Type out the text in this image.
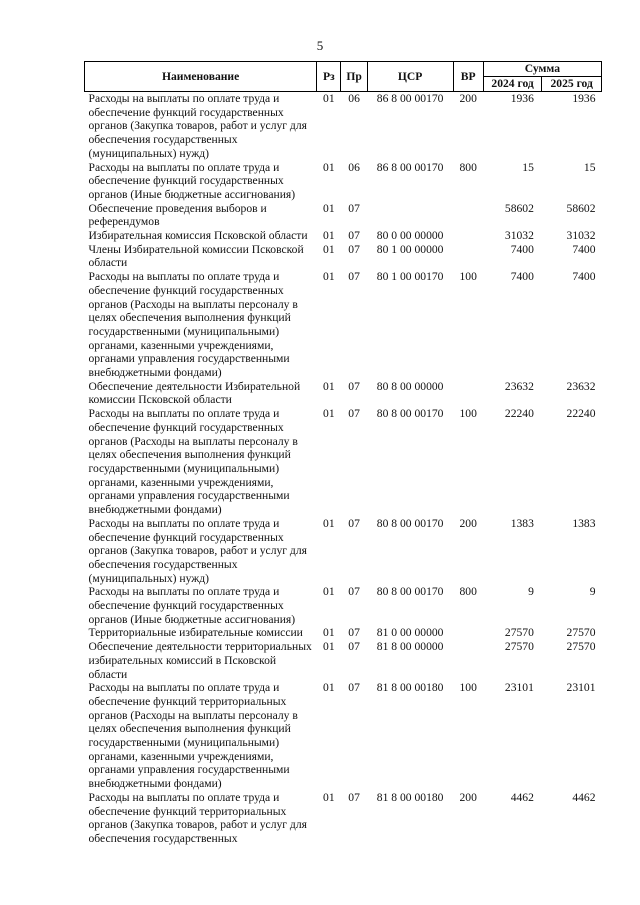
5
Наименование	Рз	Пр	ЦСР	ВР	Сумма	
					2024 год	2025 год
Расходы на выплаты по оплате труда и обеспечение функций государственных органов (Закупка товаров, работ и услуг для обеспечения государственных (муниципальных) нужд)	01	06	86 8 00 00170	200	1936	1936
Расходы на выплаты по оплате труда и обеспечение функций государственных органов (Иные бюджетные ассигнования)	01	06	86 8 00 00170	800	15	15
Обеспечение проведения выборов и референдумов	01	07			58602	58602
Избирательная комиссия Псковской области	01	07	80 0 00 00000		31032	31032
Члены Избирательной комиссии Псковской области	01	07	80 1 00 00000		7400	7400
Расходы на выплаты по оплате труда и обеспечение функций государственных органов (Расходы на выплаты персоналу в целях обеспечения выполнения функций государственными (муниципальными) органами, казенными учреждениями, органами управления государственными внебюджетными фондами)	01	07	80 1 00 00170	100	7400	7400
Обеспечение деятельности Избирательной комиссии Псковской области	01	07	80 8 00 00000		23632	23632
Расходы на выплаты по оплате труда и обеспечение функций государственных органов (Расходы на выплаты персоналу в целях обеспечения выполнения функций государственными (муниципальными) органами, казенными учреждениями, органами управления государственными внебюджетными фондами)	01	07	80 8 00 00170	100	22240	22240
Расходы на выплаты по оплате труда и обеспечение функций государственных органов (Закупка товаров, работ и услуг для обеспечения государственных (муниципальных) нужд)	01	07	80 8 00 00170	200	1383	1383
Расходы на выплаты по оплате труда и обеспечение функций государственных органов (Иные бюджетные ассигнования)	01	07	80 8 00 00170	800	9	9
Территориальные избирательные комиссии	01	07	81 0 00 00000		27570	27570
Обеспечение деятельности территориальных избирательных комиссий в Псковской области	01	07	81 8 00 00000		27570	27570
Расходы на выплаты по оплате труда и обеспечение функций территориальных органов (Расходы на выплаты персоналу в целях обеспечения выполнения функций государственными (муниципальными) органами, казенными учреждениями, органами управления государственными внебюджетными фондами)	01	07	81 8 00 00180	100	23101	23101
Расходы на выплаты по оплате труда и обеспечение функций территориальных органов (Закупка товаров, работ и услуг для обеспечения государственных	01	07	81 8 00 00180	200	4462	4462
